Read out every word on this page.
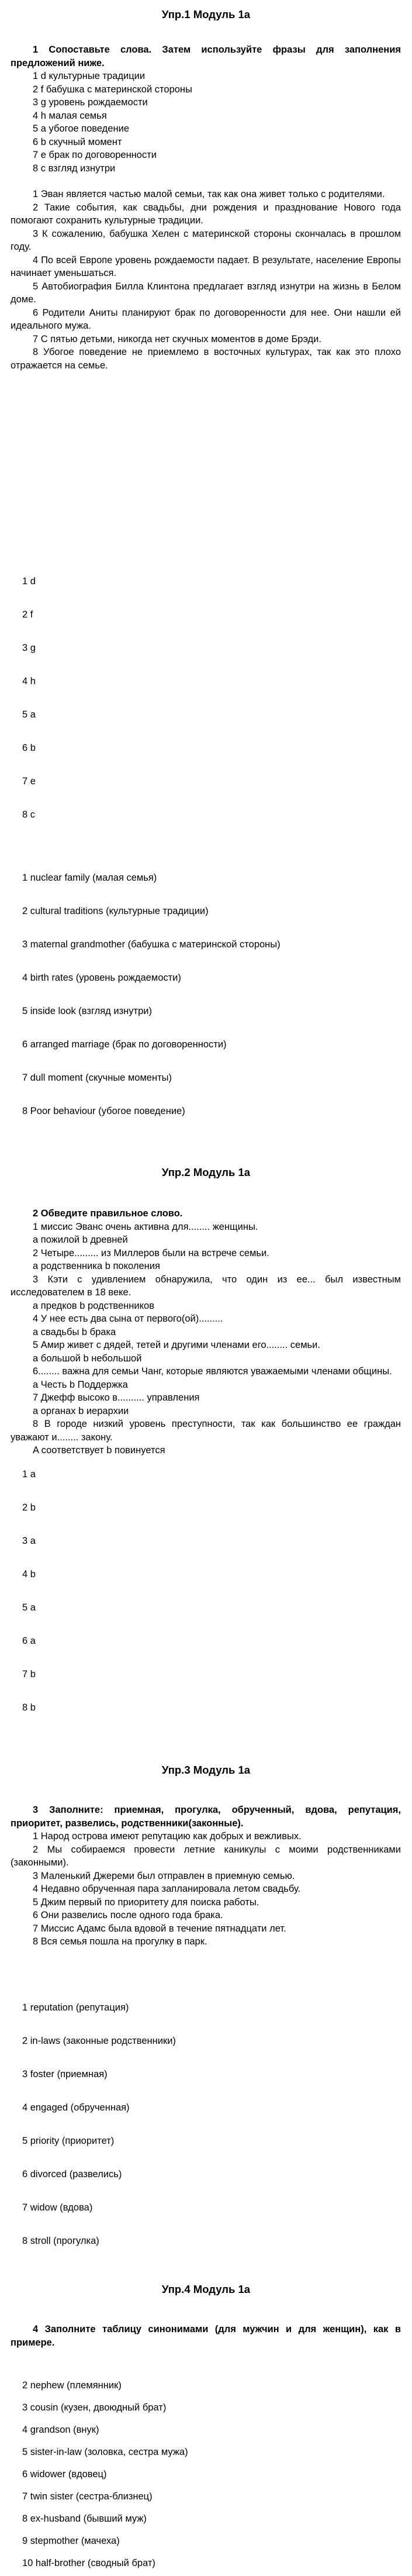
Упр.1 Модуль 1а

1 Сопоставьте слова. Затем используйте фразы для заполнения предложений ниже.

1 d культурные традиции

2 f бабушка с материнской стороны

3 g уровень рождаемости

4 h малая семья

5 a убогое поведение

6 b скучный момент

7 e брак по договоренности

8 c взгляд изнутри

1 Эван является частью малой семьи, так как она живет только с родителями.

2 Такие события, как свадьбы, дни рождения и празднование Нового года помогают сохранить культурные традиции.

3 К сожалению, бабушка Хелен с материнской стороны скончалась в прошлом году.

4 По всей Европе уровень рождаемости падает. В результате, население Европы начинает уменьшаться.

5 Автобиография Билла Клинтона предлагает взгляд изнутри на жизнь в Белом доме.

6 Родители Аниты планируют брак по договоренности для нее. Они нашли ей идеального мужа.

7 С пятью детьми, никогда нет скучных моментов в доме Брэди.

8 Убогое поведение не приемлемо в восточных культурах, так как это плохо отражается на семье.

1 d
2 f
3 g
4 h
5 a
6 b
7 e
8 c
1 nuclear family (малая семья)
2 cultural traditions (культурные традиции)
3 maternal grandmother (бабушка с материнской стороны)
4 birth rates (уровень рождаемости)
5 inside look (взгляд изнутри)
6 arranged marriage (брак по договоренности)
7 dull moment (скучные моменты)
8 Poor behaviour (убогое поведение)
Упр.2 Модуль 1а

2 Обведите правильное слово.

1 миссис Эванс очень активна для........ женщины.

a пожилой b древней

2 Четыре......... из Миллеров были на встрече семьи.

a родственника b поколения

3 Кэти с удивлением обнаружила, что один из ее... был известным исследователем в 18 веке.

a предков b родственников

4 У нее есть два сына от первого(ой).........

a свадьбы b брака

5 Амир живет с дядей, тетей и другими членами его........ семьи.

a большой b небольшой

6........ важна для семьи Чанг, которые являются уважаемыми членами общины.

a Честь b Поддержка

7 Джефф высоко в.......... управления

a органах b иерархии

8 В городе низкий уровень преступности, так как большинство ее граждан уважают и........ закону.

A соответствует b повинуется

1 a
2 b
3 a
4 b
5 a
6 a
7 b
8 b
Упр.3 Модуль 1а

3 Заполните: приемная, прогулка, обрученный, вдова, репутация, приоритет, развелись, родственники(законные).

1 Народ острова имеют репутацию как добрых и вежливых.

2 Мы собираемся провести летние каникулы с моими родственниками (законными).

3 Маленький Джереми был отправлен в приемную семью.

4 Недавно обрученная пара запланировала летом свадьбу.

5 Джим первый по приоритету для поиска работы.

6 Они развелись после одного года брака.

7 Миссис Адамс была вдовой в течение пятнадцати лет.

8 Вся семья пошла на прогулку в парк.

1 reputation (репутация)
2 in-laws (законные родственники)
3 foster (приемная)
4 engaged (обрученная)
5 priority (приоритет)
6 divorced (развелись)
7 widow (вдова)
8 stroll (прогулка)
Упр.4 Модуль 1а

4 Заполните таблицу синонимами (для мужчин и для женщин), как в примере.

2 nephew (племянник)
3 cousin (кузен, двоюдный брат)
4 grandson (внук)
5 sister-in-law (золовка, сестра мужа)
6 widower (вдовец)
7 twin sister (сестра-близнец)
8 ex-husband (бывший муж)
9 stepmother (мачеха)
10 half-brother (сводный брат)
